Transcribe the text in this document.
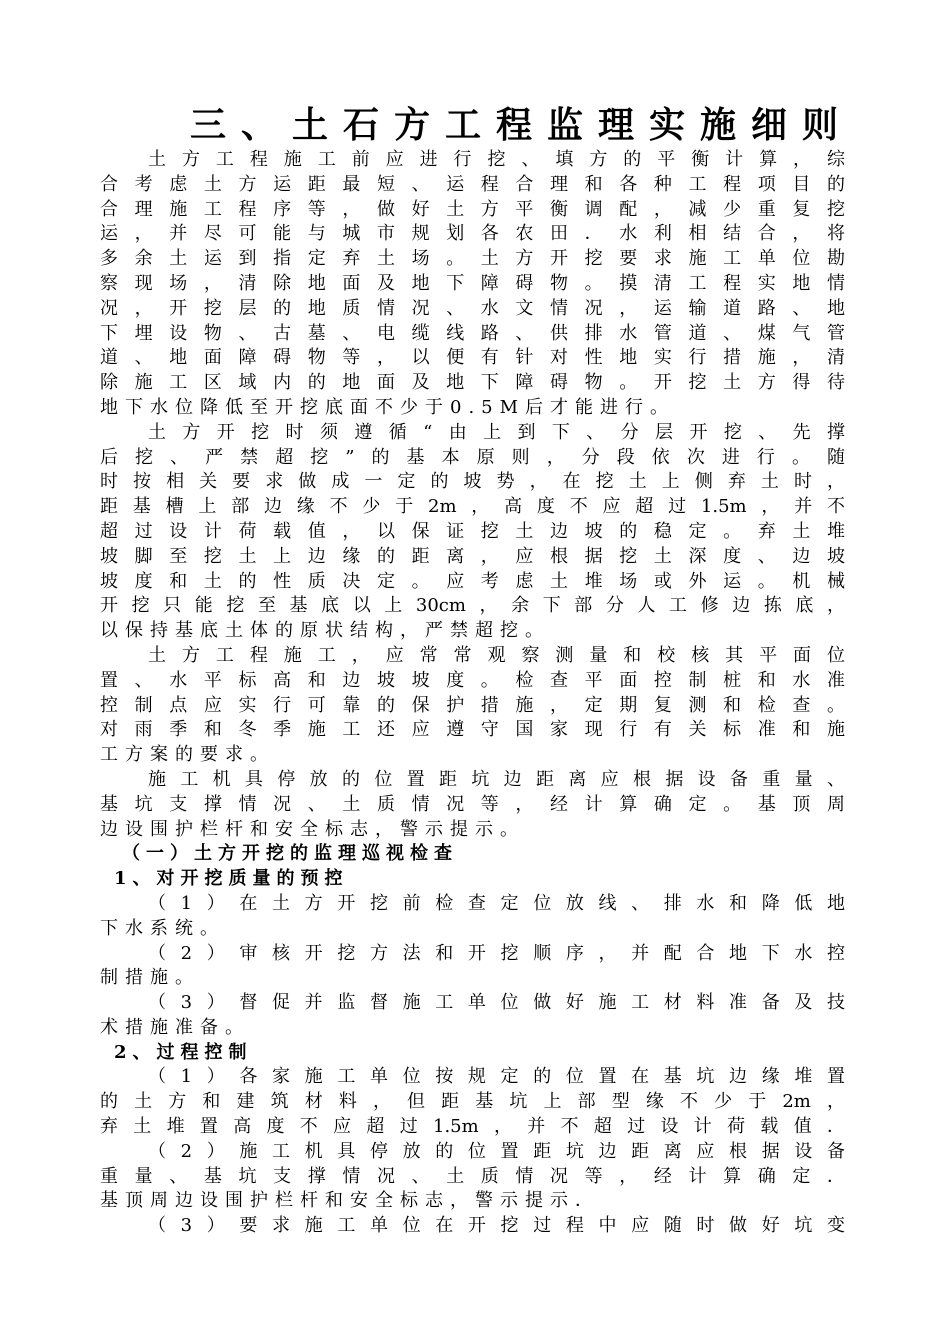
三、土石方工程监理实施细则
土方工程施工前应进行挖、填方的平衡计算，综
合考虑土方运距最短、运程合理和各种工程项目的
合理施工程序等，做好土方平衡调配，减少重复挖
运，并尽可能与城市规划各农田．水利相结合，将
多余土运到指定弃土场。土方开挖要求施工单位勘
察现场，清除地面及地下障碍物。摸清工程实地情
况，开挖层的地质情况、水文情况，运输道路、地
下埋设物、古墓、电缆线路、供排水管道、煤气管
道、地面障碍物等，以便有针对性地实行措施，清
除施工区域内的地面及地下障碍物。开挖土方得待
地下水位降低至开挖底面不少于0.5M后才能进行。
土方开挖时须遵循“由上到下、分层开挖、先撑
后挖、严禁超挖”的基本原则，分段依次进行。随
时按相关要求做成一定的坡势，在挖土上侧弃土时，
距基槽上部边缘不少于2m，高度不应超过1.5m，并不
超过设计荷载值，以保证挖土边坡的稳定。弃土堆
坡脚至挖土上边缘的距离，应根据挖土深度、边坡
坡度和土的性质决定。应考虑土堆场或外运。机械
开挖只能挖至基底以上30cm，余下部分人工修边拣底，
以保持基底土体的原状结构，严禁超挖。
土方工程施工，应常常观察测量和校核其平面位
置、水平标高和边坡坡度。检查平面控制桩和水准
控制点应实行可靠的保护措施，定期复测和检查。
对雨季和冬季施工还应遵守国家现行有关标准和施
工方案的要求。
施工机具停放的位置距坑边距离应根据设备重量、
基坑支撑情况、土质情况等，经计算确定。基顶周
边设围护栏杆和安全标志，警示提示。
（一）土方开挖的监理巡视检查
1、对开挖质量的预控
（1）在土方开挖前检查定位放线、排水和降低地
下水系统。
（2）审核开挖方法和开挖顺序，并配合地下水控
制措施。
（3）督促并监督施工单位做好施工材料准备及技
术措施准备。
2、过程控制
（1）各家施工单位按规定的位置在基坑边缘堆置
的土方和建筑材料，但距基坑上部型缘不少于2m，
弃土堆置高度不应超过1.5m，并不超过设计荷载值．
（2）施工机具停放的位置距坑边距离应根据设备
重量、基坑支撑情况、土质情况等，经计算确定．
基顶周边设围护栏杆和安全标志，警示提示．
（3）要求施工单位在开挖过程中应随时做好坑变
